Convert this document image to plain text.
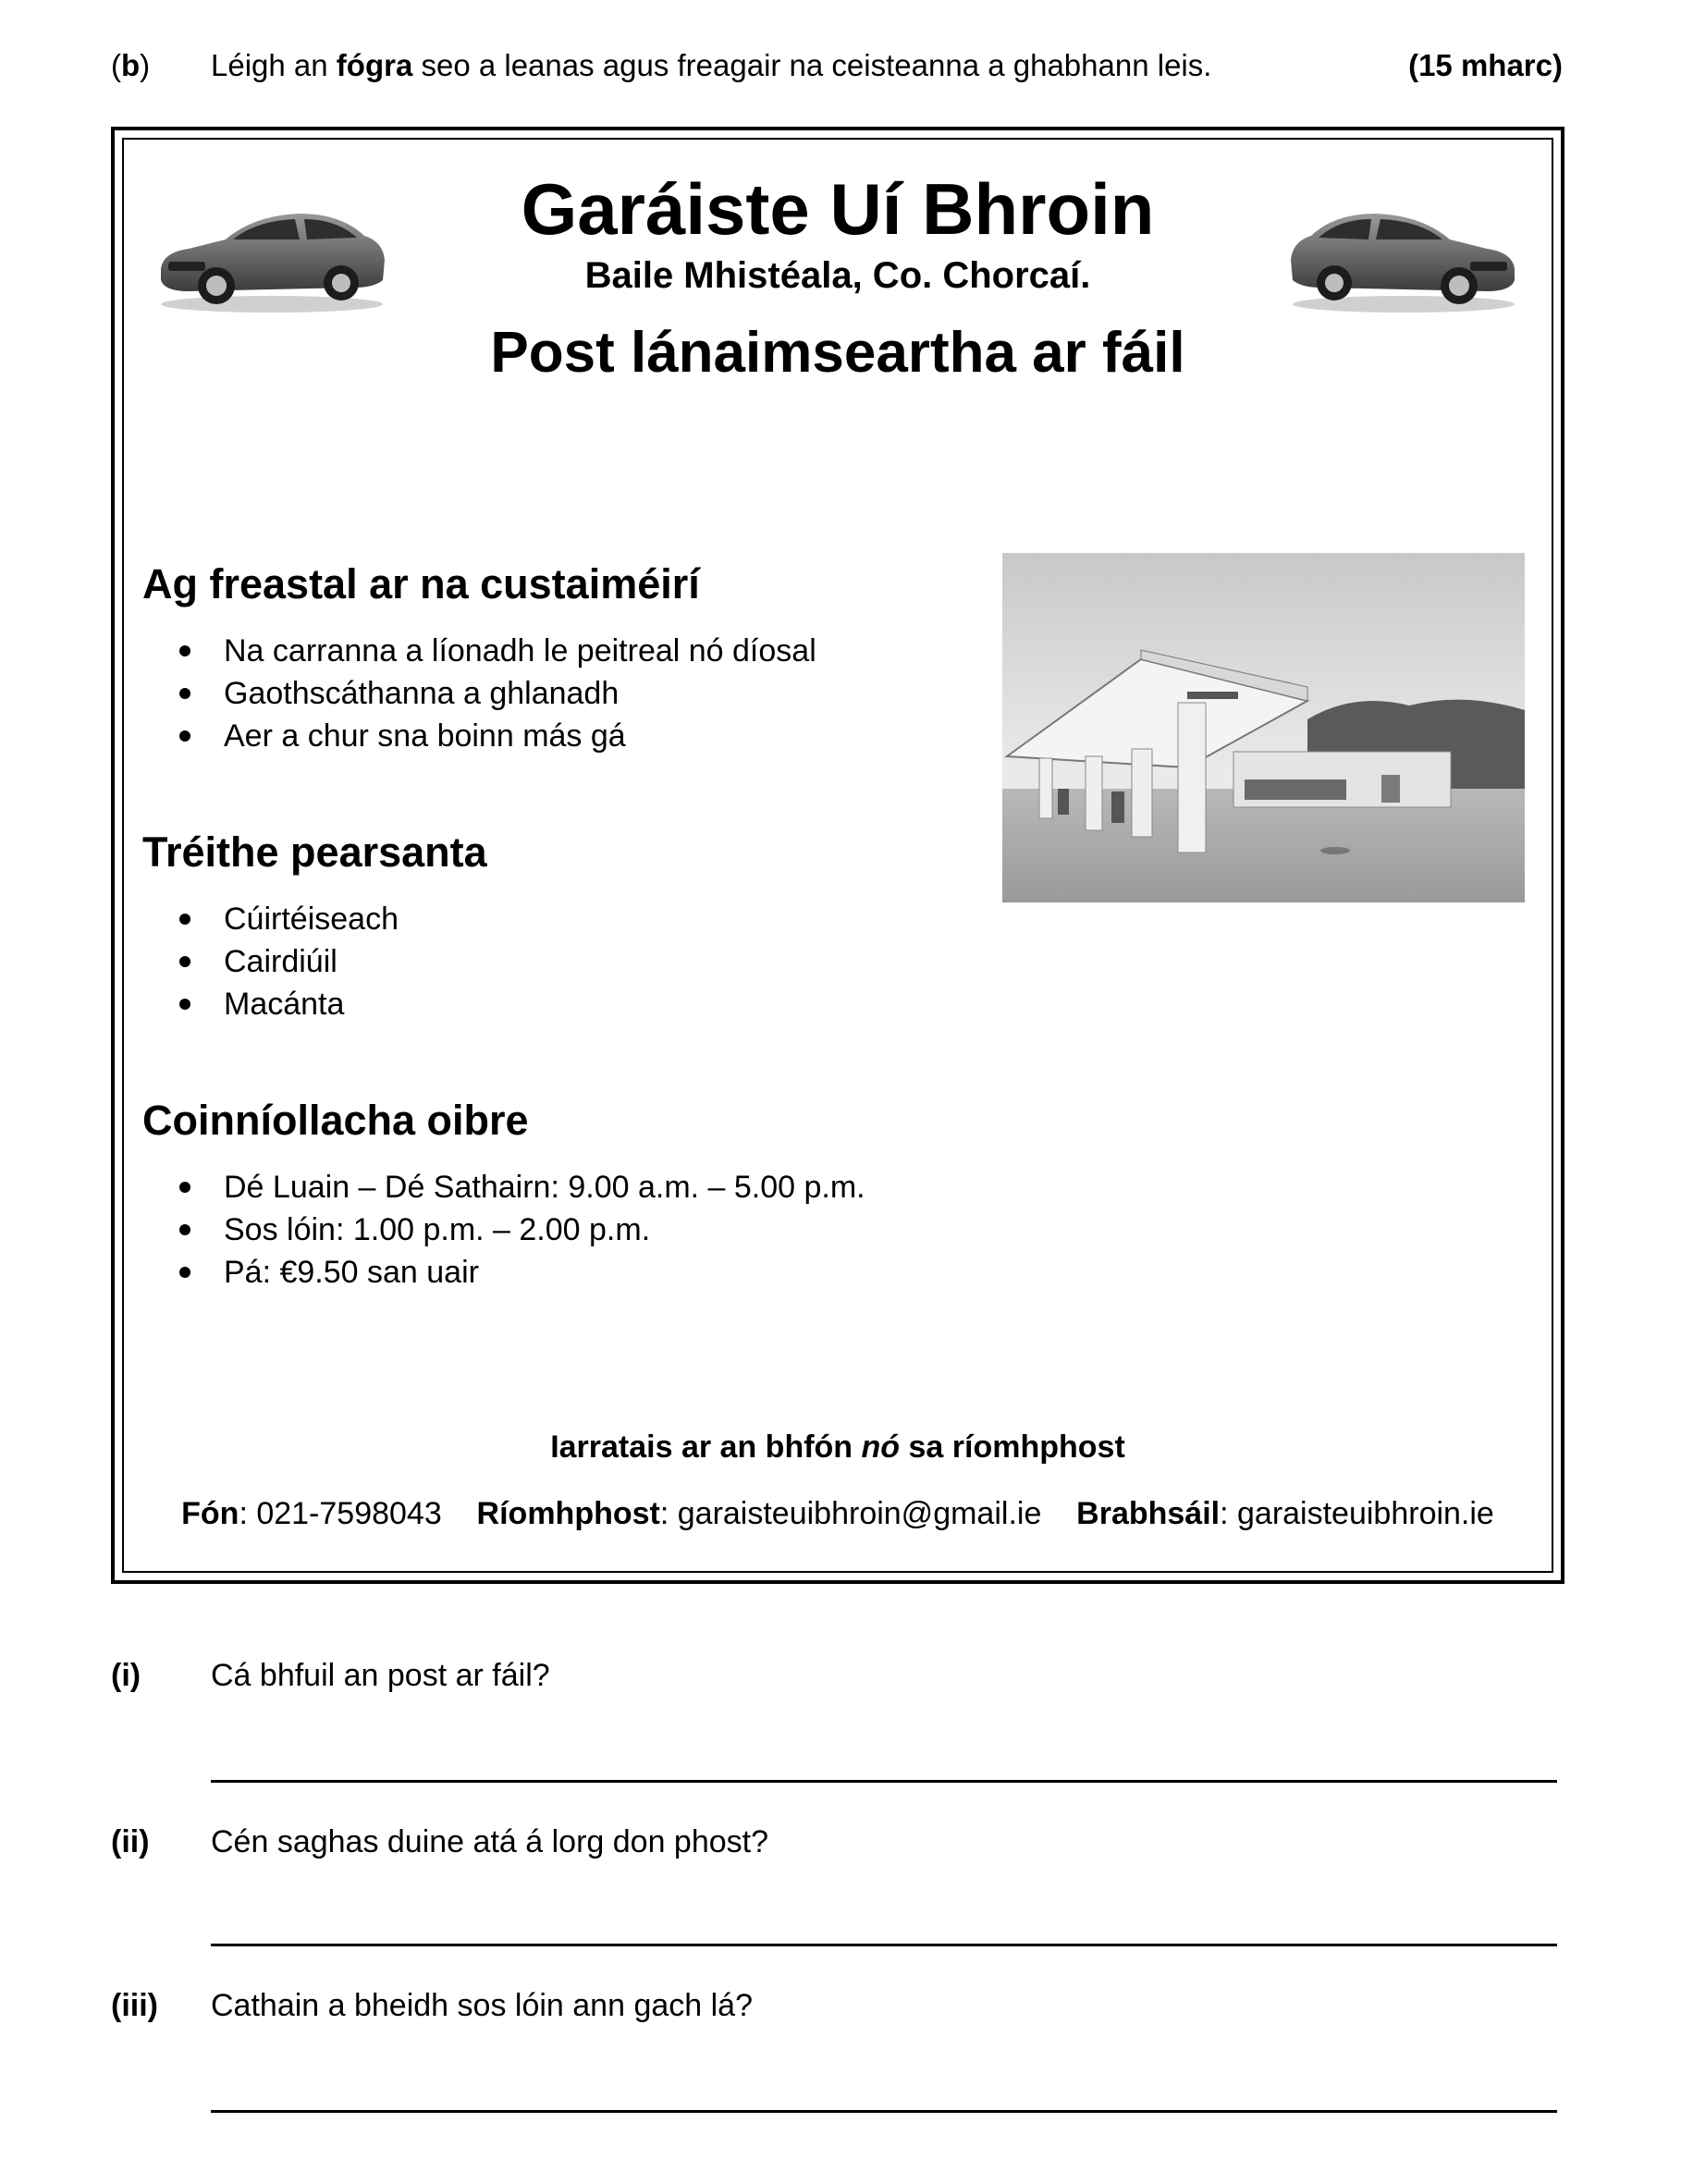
(b) Léigh an fógra seo a leanas agus freagair na ceisteanna a ghabhann leis.	(15 mharc)
Garáiste Uí Bhroin
Baile Mhistéala, Co. Chorcaí.
Post lánaimseartha ar fáil
Ag freastal ar na custaiméirí
Na carranna a líonadh le peitreal nó díosal
Gaothscáthanna a ghlanadh
Aer a chur sna boinn más gá
Tréithe pearsanta
Cúirtéiseach
Cairdiúil
Macánta
Coinníollacha oibre
Dé Luain – Dé Sathairn: 9.00 a.m. – 5.00 p.m.
Sos lóin: 1.00 p.m. – 2.00 p.m.
Pá: €9.50 san uair
Iarratais ar an bhfón nó sa ríomhphost
Fón: 021-7598043 Ríomhphost: garaisteuibhroin@gmail.ie Brabhsáil: garaisteuibhroin.ie
(i) Cá bhfuil an post ar fáil?
(ii) Cén saghas duine atá á lorg don phost?
(iii) Cathain a bheidh sos lóin ann gach lá?
